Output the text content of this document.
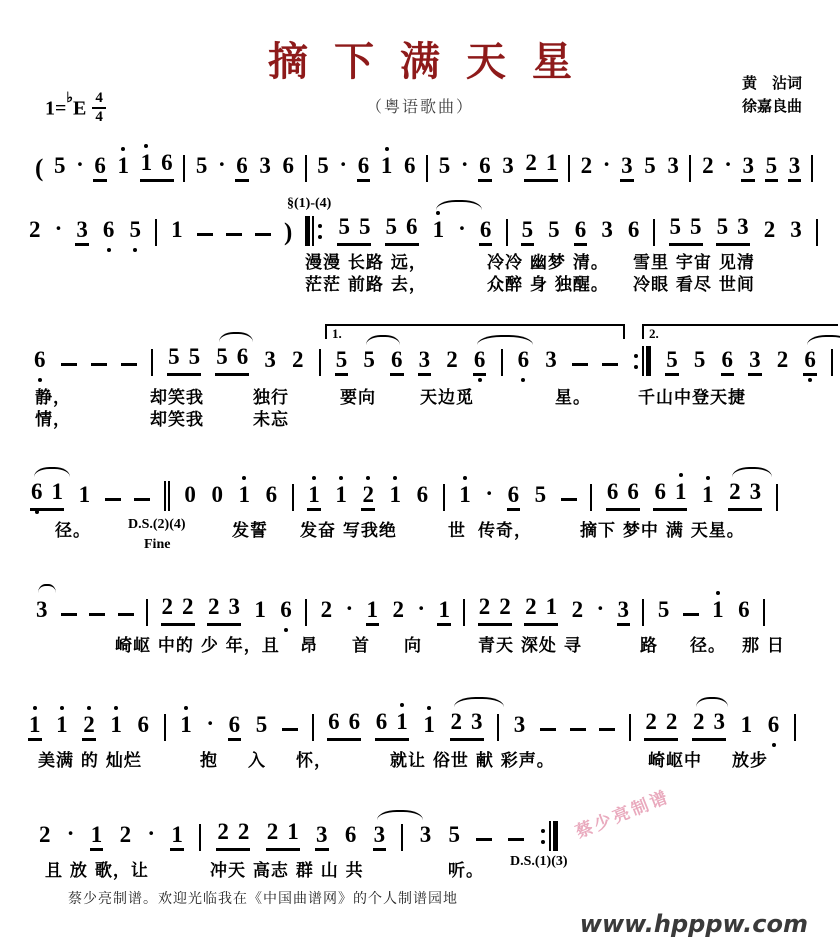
摘下满天星
（粤语歌曲）
黄　沾词
徐嘉良曲
$1=^♭E \frac{4}{4}$
( 5 · 6 1 1 6 5 · 6 3 6 5 · 6 1 6 5 · 6 3 2 1 2 · 3 5 3 2 · 3 5 3
2 · 3 6 5 1	) 5 5 5 6 1 · 6 5 5 6 3 6 5 5 5 3 2 3
漫漫 长路 远，	冷冷 幽梦 清。 雪里 宇宙 见清
茫茫 前路 去，	众醉 身 独醒。 冷眼 看尽 世间
§(1)-(4)
6	5 5 5 6 3 2 5 5 6 3 2 6 6 3	5 5 6 3 2 6
静，	却笑我	独行	要向	天边觅	星。	千山中登天捷
情，	却笑我	未忘
1.	2.
6 1 1	0 0 1 6 1 1 2 1 6 1 · 6 5	6 6 6 1 1 2 3
径。	发誓 发奋 写我绝	世 传奇，	摘下 梦中 满 天星。
D.S.(2)(4)
Fine
3	2 2 2 3 1 6 2 · 1 2 · 1 2 2 2 1 2 · 3 5 1 6
崎岖 中的 少 年，且 昂 首 向	青天 深处 寻	路 径。 那 日
1 1 2 1 6 1 · 6 5	6 6 6 1 1 2 3 3	2 2 2 3 1 6
美满 的 灿烂	抱 入 怀，	就让 俗世 献 彩声。	崎岖中 放步
2 · 1 2 · 1 2 2 2 1 3 6 3 3 5
且 放 歌，让	冲天 高志 群 山 共	听。 D.S.(1)(3)
蔡少亮制谱
蔡少亮制谱。欢迎光临我在《中国曲谱网》的个人制谱园地
www.hpppw.com
